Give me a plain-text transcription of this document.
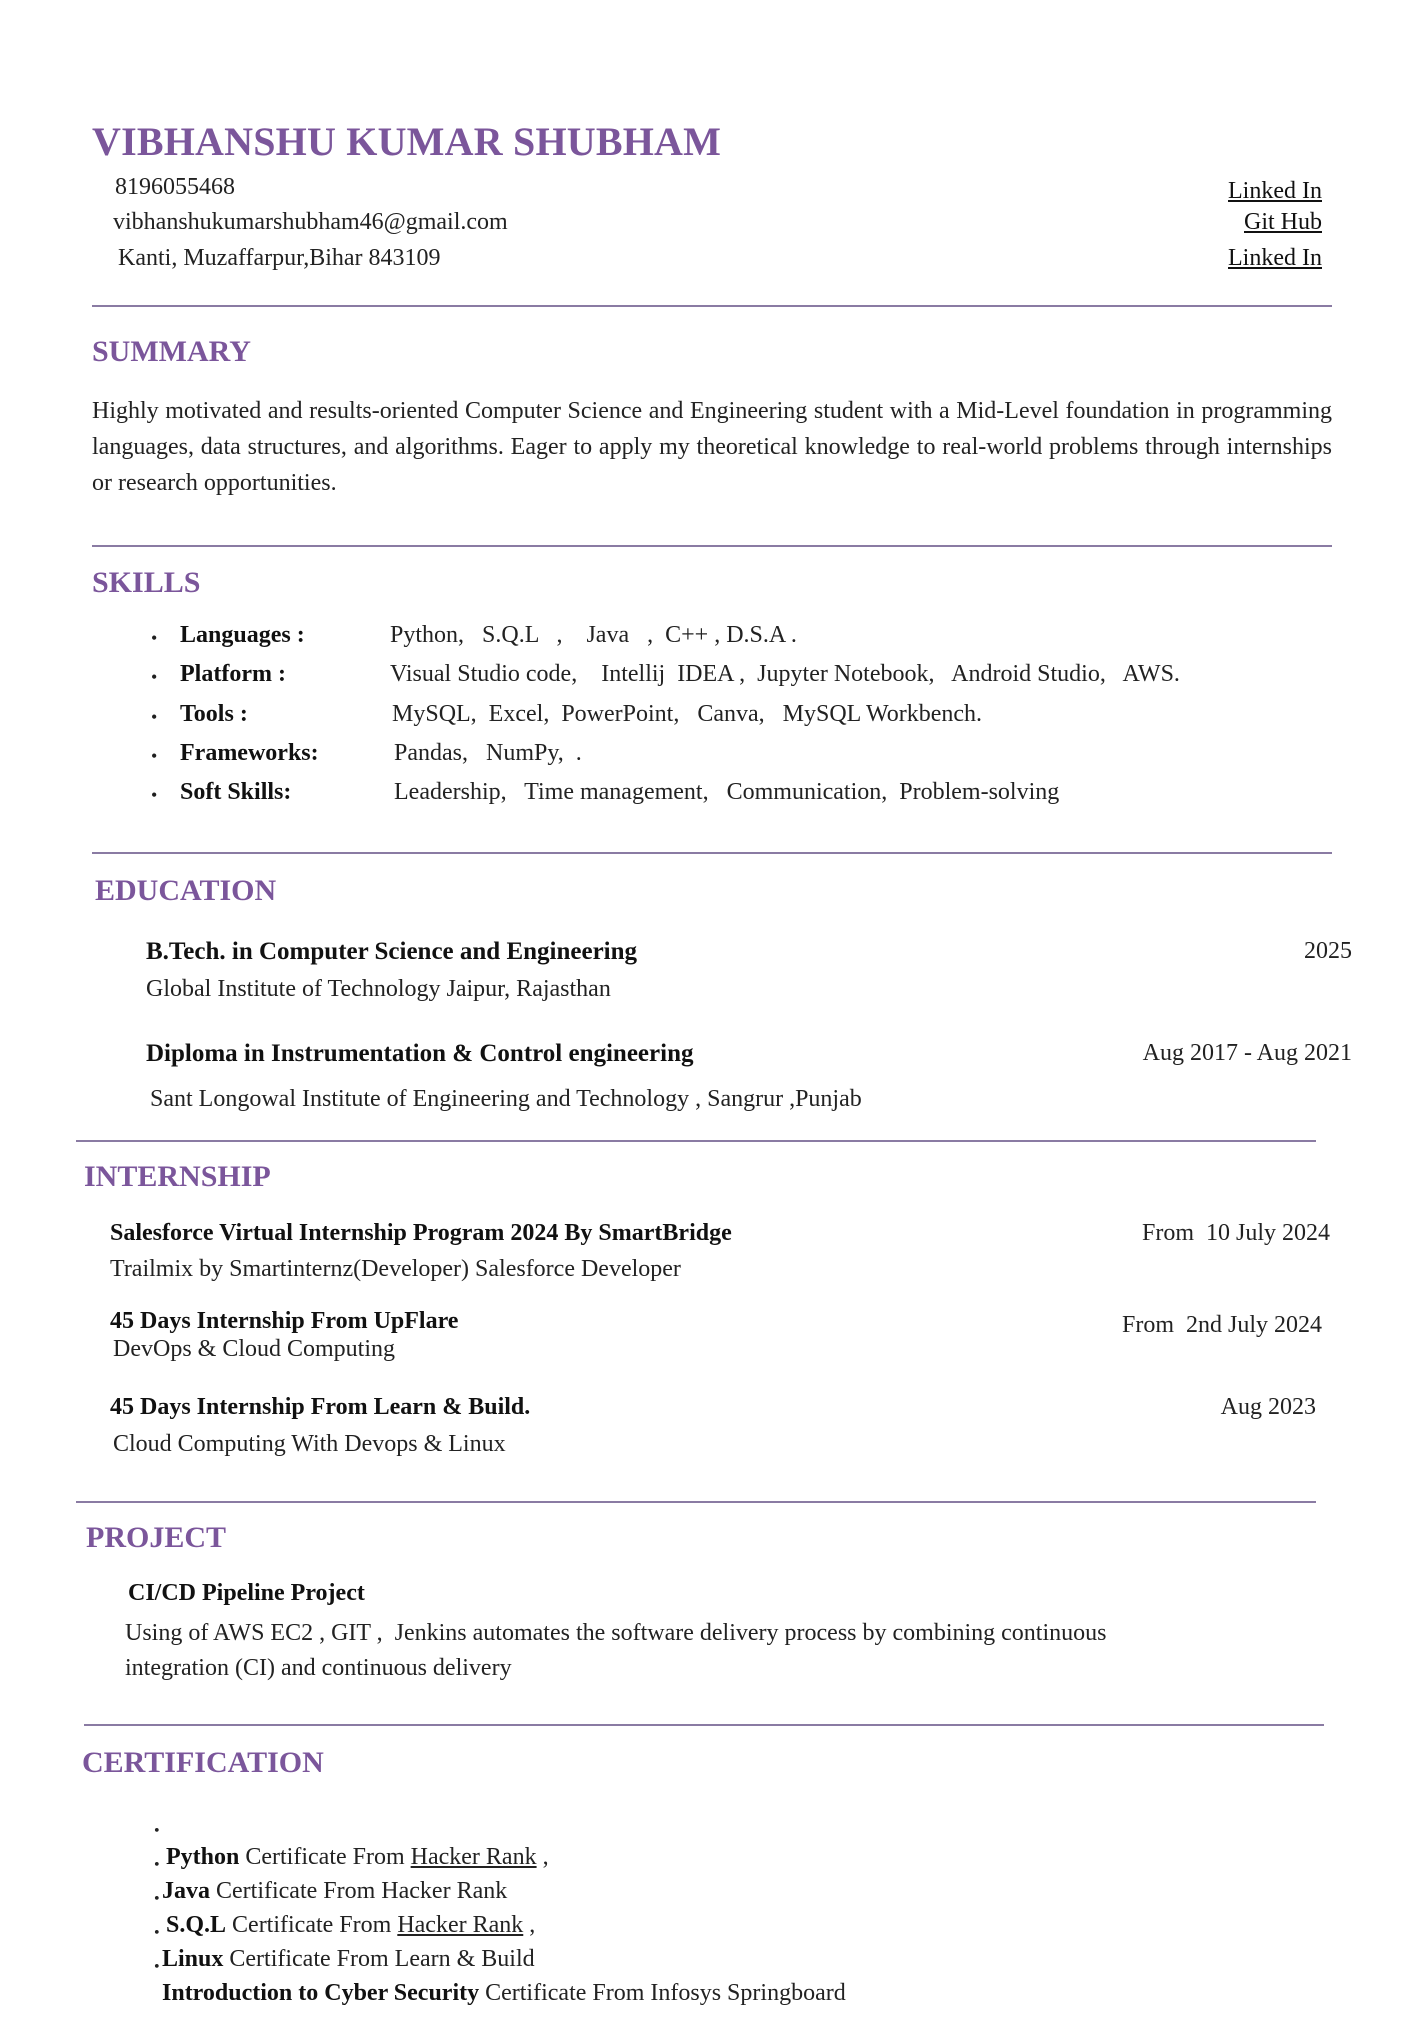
VIBHANSHU KUMAR SHUBHAM
8196055468
vibhanshukumarshubham46@gmail.com
Kanti, Muzaffarpur,Bihar 843109
Linked In
Git Hub
Linked In
SUMMARY
Highly motivated and results-oriented Computer Science and Engineering student with a Mid-Level foundation in programming languages, data structures, and algorithms. Eager to apply my theoretical knowledge to real-world problems through internships or research opportunities.
SKILLS
• Languages :	Python,   S.Q.L   ,    Java   ,  C++ , D.S.A .
• Platform :	Visual Studio code,    Intellij  IDEA ,  Jupyter Notebook,   Android Studio,   AWS.
• Tools :	MySQL,  Excel,  PowerPoint,   Canva,   MySQL Workbench.
• Frameworks:	Pandas,   NumPy,  .
• Soft Skills:	Leadership,   Time management,   Communication,  Problem-solving
EDUCATION
B.Tech. in Computer Science and Engineering	2025
Global Institute of Technology Jaipur, Rajasthan
Diploma in Instrumentation & Control engineering	Aug 2017 - Aug 2021
Sant Longowal Institute of Engineering and Technology , Sangrur ,Punjab
INTERNSHIP
Salesforce Virtual Internship Program 2024 By SmartBridge	From  10 July 2024
Trailmix by Smartinternz(Developer) Salesforce Developer
45 Days Internship From UpFlare	From  2nd July 2024
DevOps & Cloud Computing
45 Days Internship From Learn & Build.	Aug 2023
Cloud Computing With Devops & Linux
PROJECT
CI/CD Pipeline Project
Using of AWS EC2 , GIT ,  Jenkins automates the software delivery process by combining continuous
integration (CI) and continuous delivery
CERTIFICATION

•
Python Certificate From Hacker Rank ,

•
Java Certificate From Hacker Rank

•
S.Q.L Certificate From Hacker Rank ,

•
Linux Certificate From Learn & Build

•
Introduction to Cyber Security Certificate From Infosys Springboard
